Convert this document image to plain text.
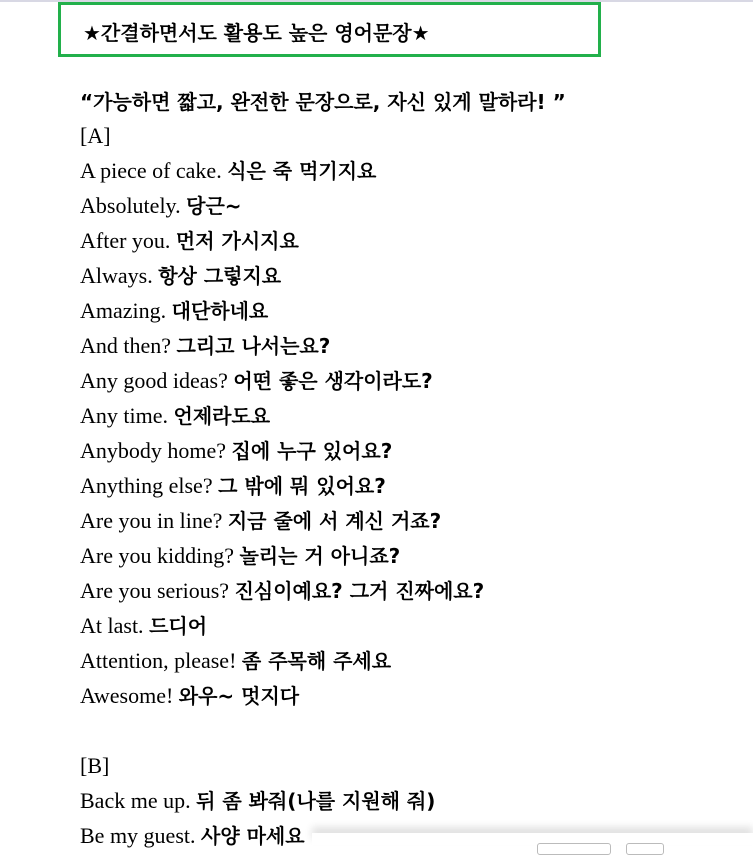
★간결하면서도 활용도 높은 영어문장★
“가능하면 짧고, 완전한 문장으로, 자신 있게 말하라! ”
[A]
A piece of cake. 식은 죽 먹기지요
Absolutely. 당근~
After you. 먼저 가시지요
Always. 항상 그렇지요
Amazing. 대단하네요
And then? 그리고 나서는요?
Any good ideas? 어떤 좋은 생각이라도?
Any time. 언제라도요
Anybody home? 집에 누구 있어요?
Anything else? 그 밖에 뭐 있어요?
Are you in line? 지금 줄에 서 계신 거죠?
Are you kidding? 놀리는 거 아니죠?
Are you serious? 진심이예요? 그거 진짜에요?
At last. 드디어
Attention, please! 좀 주목해 주세요
Awesome! 와우~ 멋지다
[B]
Back me up. 뒤 좀 봐줘(나를 지원해 줘)
Be my guest. 사양 마세요
